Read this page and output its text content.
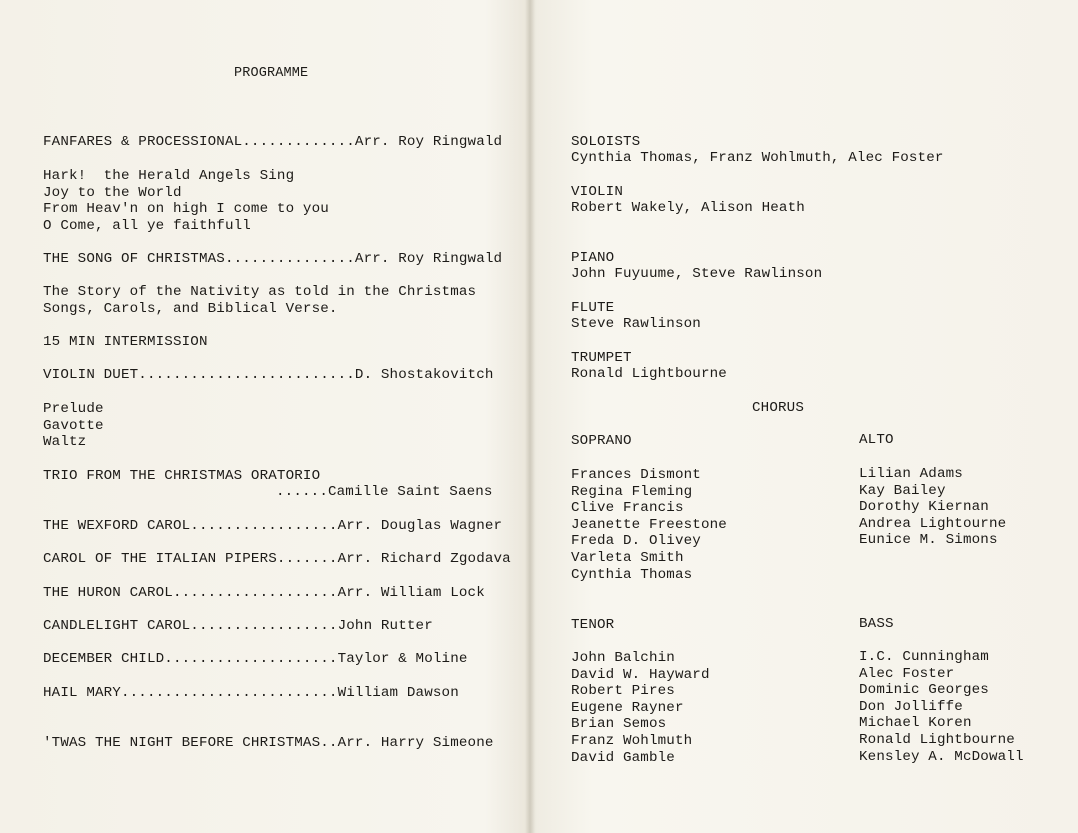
PROGRAMME
FANFARES & PROCESSIONAL.............Arr. Roy Ringwald
Hark!  the Herald Angels Sing
Joy to the World
From Heav'n on high I come to you
O Come, all ye faithfull
THE SONG OF CHRISTMAS...............Arr. Roy Ringwald
The Story of the Nativity as told in the Christmas
Songs, Carols, and Biblical Verse.
15 MIN INTERMISSION
VIOLIN DUET.........................D. Shostakovitch
Prelude
Gavotte
Waltz
TRIO FROM THE CHRISTMAS ORATORIO
......Camille Saint Saens
THE WEXFORD CAROL.................Arr. Douglas Wagner
CAROL OF THE ITALIAN PIPERS.......Arr. Richard Zgodava
THE HURON CAROL...................Arr. William Lock
CANDLELIGHT CAROL.................John Rutter
DECEMBER CHILD....................Taylor & Moline
HAIL MARY.........................William Dawson
'TWAS THE NIGHT BEFORE CHRISTMAS..Arr. Harry Simeone
SOLOISTS
Cynthia Thomas, Franz Wohlmuth, Alec Foster
VIOLIN
Robert Wakely, Alison Heath
PIANO
John Fuyuume, Steve Rawlinson
FLUTE
Steve Rawlinson
TRUMPET
Ronald Lightbourne
CHORUS
SOPRANO	ALTO
Frances Dismont
Regina Fleming
Clive Francis
Jeanette Freestone
Freda D. Olivey
Varleta Smith
Cynthia Thomas
Lilian Adams
Kay Bailey
Dorothy Kiernan
Andrea Lightourne
Eunice M. Simons
TENOR	BASS
John Balchin
David W. Hayward
Robert Pires
Eugene Rayner
Brian Semos
Franz Wohlmuth
David Gamble
I.C. Cunningham
Alec Foster
Dominic Georges
Don Jolliffe
Michael Koren
Ronald Lightbourne
Kensley A. McDowall
